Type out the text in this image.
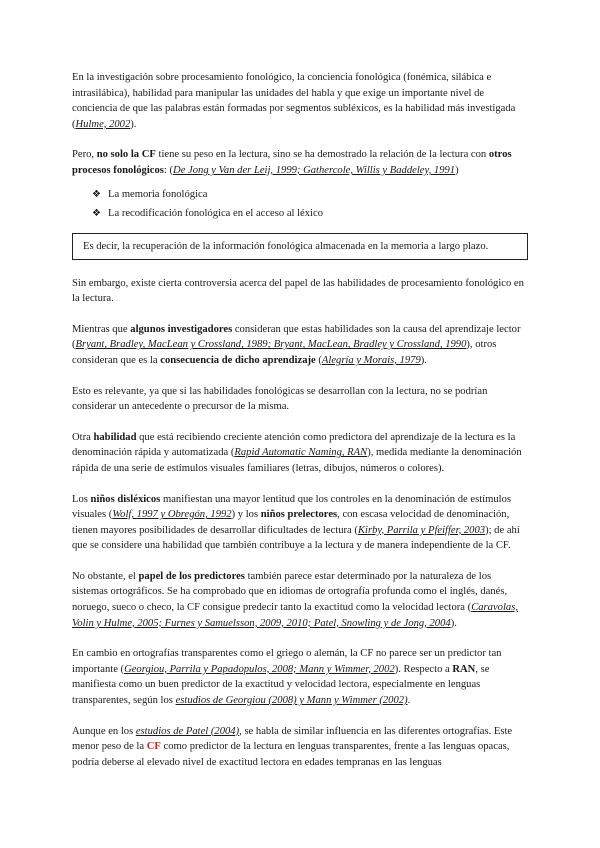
En la investigación sobre procesamiento fonológico, la conciencia fonológica (fonémica, silábica e intrasilábica), habilidad para manipular las unidades del habla y que exige un importante nivel de conciencia de que las palabras están formadas por segmentos subléxicos, es la habilidad más investigada (Hulme, 2002).

Pero, no solo la CF tiene su peso en la lectura, sino se ha demostrado la relación de la lectura con otros procesos fonológicos: (De Jong y Van der Leij, 1999; Gathercole, Willis y Baddeley, 1991)

❖ La memoria fonológica
❖ La recodificación fonológica en el acceso al léxico
Es decir, la recuperación de la información fonológica almacenada en la memoria a largo plazo.

Sin embargo, existe cierta controversia acerca del papel de las habilidades de procesamiento fonológico en la lectura.

Mientras que algunos investigadores consideran que estas habilidades son la causa del aprendizaje lector (Bryant, Bradley, MacLean y Crossland, 1989; Bryant, MacLean, Bradley y Crossland, 1990), otros consideran que es la consecuencia de dicho aprendizaje (Alegría y Morais, 1979).

Esto es relevante, ya que si las habilidades fonológicas se desarrollan con la lectura, no se podrían considerar un antecedente o precursor de la misma.

Otra habilidad que está recibiendo creciente atención como predictora del aprendizaje de la lectura es la denominación rápida y automatizada (Rapid Automatic Naming, RAN), medida mediante la denominación rápida de una serie de estímulos visuales familiares (letras, dibujos, números o colores).

Los niños disléxicos manifiestan una mayor lentitud que los controles en la denominación de estímulos visuales (Wolf, 1997 y Obregón, 1992) y los niños prelectores, con escasa velocidad de denominación, tienen mayores posibilidades de desarrollar dificultades de lectura (Kirby, Parrila y Pfeiffer, 2003); de ahí que se considere una habilidad que también contribuye a la lectura y de manera independiente de la CF.

No obstante, el papel de los predictores también parece estar determinado por la naturaleza de los sistemas ortográficos. Se ha comprobado que en idiomas de ortografía profunda como el inglés, danés, noruego, sueco o checo, la CF consigue predecir tanto la exactitud como la velocidad lectora (Caravolas, Volin y Hulme, 2005; Furnes y Samuelsson, 2009, 2010; Patel, Snowling y de Jong, 2004).

En cambio en ortografías transparentes como el griego o alemán, la CF no parece ser un predictor tan importante (Georgiou, Parrila y Papadopulos, 2008; Mann y Wimmer, 2002). Respecto a RAN, se manifiesta como un buen predictor de la exactitud y velocidad lectora, especialmente en lenguas transparentes, según los estudios de Georgiou (2008) y Mann y Wimmer (2002).

Aunque en los estudios de Patel (2004), se habla de similar influencia en las diferentes ortografías. Este menor peso de la CF como predictor de la lectura en lenguas transparentes, frente a las lenguas opacas, podría deberse al elevado nivel de exactitud lectora en edades tempranas en las lenguas
